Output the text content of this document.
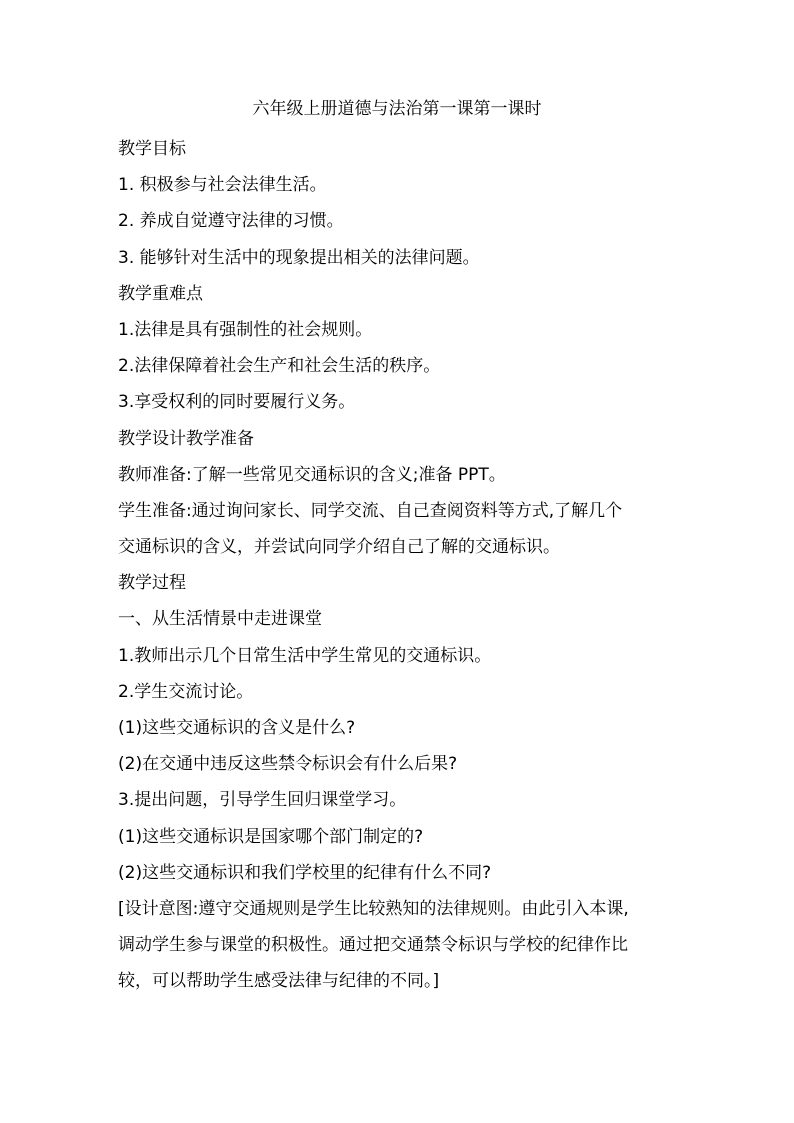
六年级上册道德与法治第一课第一课时
教学目标
1. 积极参与社会法律生活。
2. 养成自觉遵守法律的习惯。
3. 能够针对生活中的现象提出相关的法律问题。
教学重难点
1.法律是具有强制性的社会规则。
2.法律保障着社会生产和社会生活的秩序。
3.享受权利的同时要履行义务。
教学设计教学准备
教师准备:了解一些常见交通标识的含义;准备 PPT。
学生准备:通过询问家长、同学交流、自己查阅资料等方式,了解几个
交通标识的含义，并尝试向同学介绍自己了解的交通标识。
教学过程
一、从生活情景中走进课堂
1.教师出示几个日常生活中学生常见的交通标识。
2.学生交流讨论。
(1)这些交通标识的含义是什么?
(2)在交通中违反这些禁令标识会有什么后果?
3.提出问题，引导学生回归课堂学习。
(1)这些交通标识是国家哪个部门制定的?
(2)这些交通标识和我们学校里的纪律有什么不同?
[设计意图:遵守交通规则是学生比较熟知的法律规则。由此引入本课,
调动学生参与课堂的积极性。通过把交通禁令标识与学校的纪律作比
较，可以帮助学生感受法律与纪律的不同。]
